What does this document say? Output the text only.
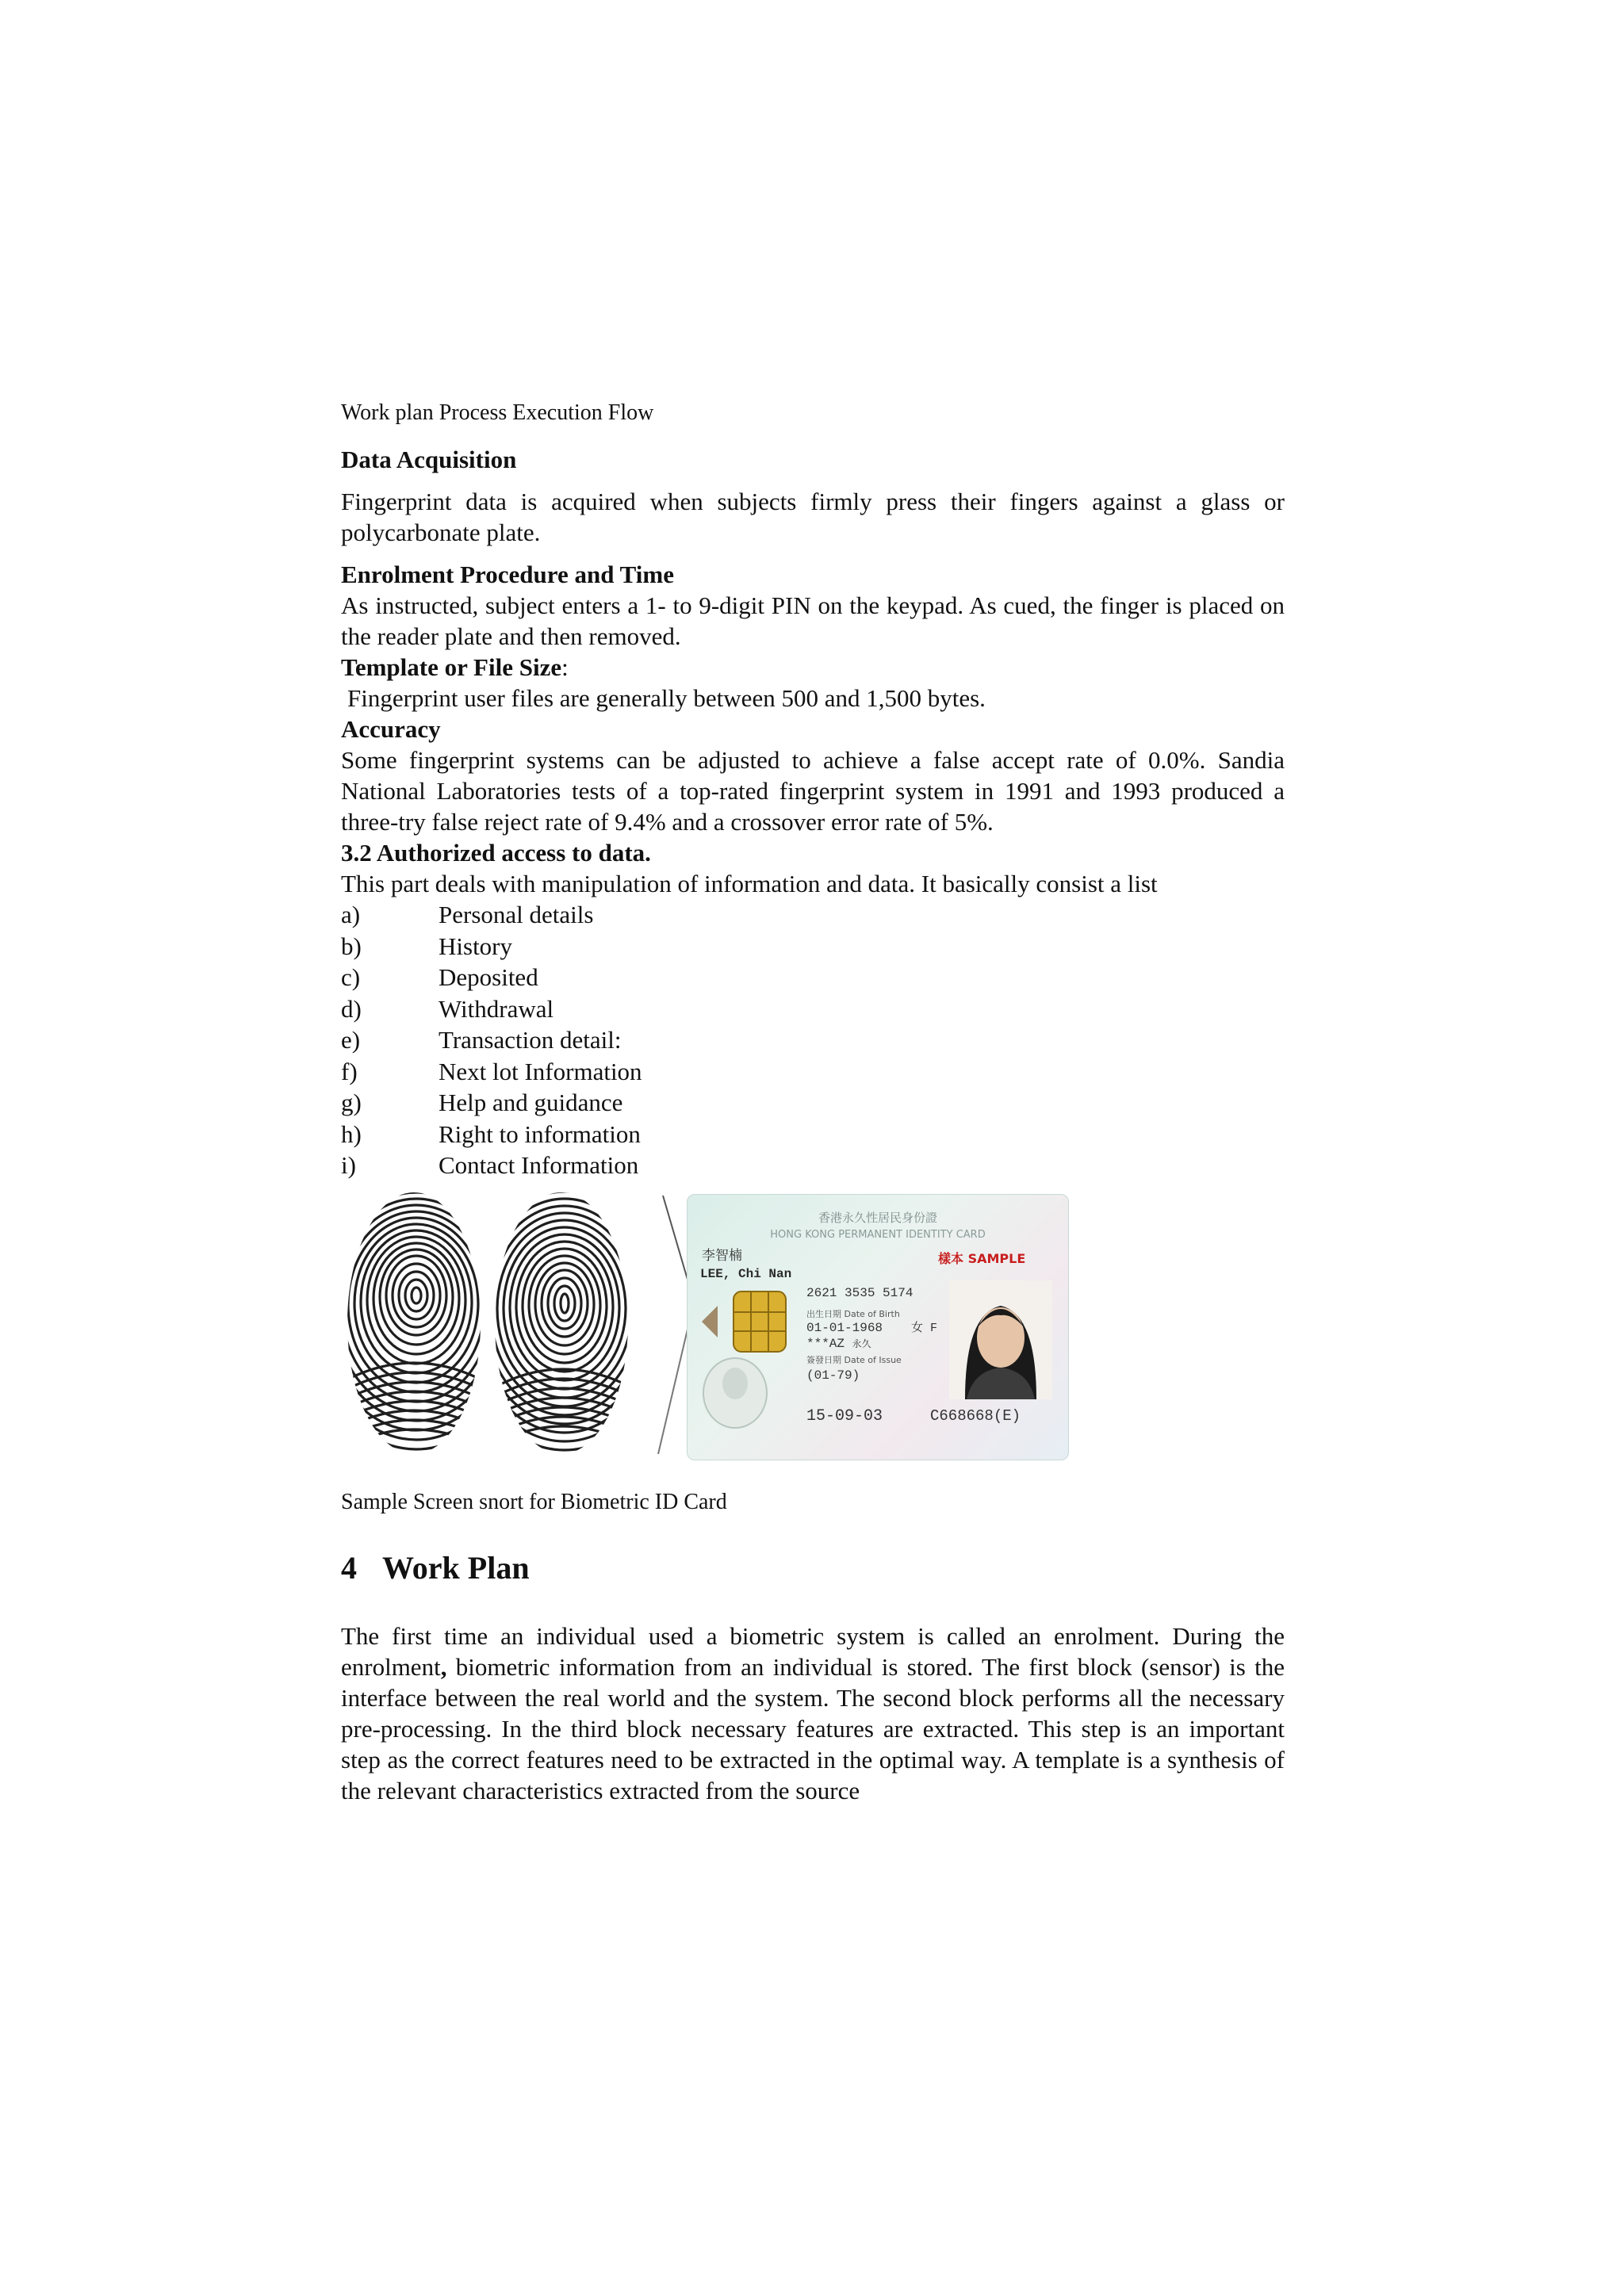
Work plan Process Execution Flow
Data Acquisition
Fingerprint data is acquired when subjects firmly press their fingers against a glass or polycarbonate plate.
Enrolment Procedure and Time
As instructed, subject enters a 1- to 9-digit PIN on the keypad. As cued, the finger is placed on the reader plate and then removed.
Template or File Size:
Fingerprint user files are generally between 500 and 1,500 bytes.
Accuracy
Some fingerprint systems can be adjusted to achieve a false accept rate of 0.0%. Sandia National Laboratories tests of a top-rated fingerprint system in 1991 and 1993 produced a three-try false reject rate of 9.4% and a crossover error rate of 5%.
3.2 Authorized access to data.
This part deals with manipulation of information and data. It basically consist a list
a)	Personal details
b)	History
c)	Deposited
d)	Withdrawal
e)	Transaction detail:
f)	Next lot Information
g)	Help and guidance
h)	Right to information
i)	Contact Information
香港永久性居民身份證
HONG KONG PERMANENT IDENTITY CARD
李智楠
LEE, Chi Nan
樣本 SAMPLE
2621 3535 5174
出生日期 Date of Birth
01-01-1968 女 F
***AZ 永久
簽發日期 Date of Issue
(01-79)
15-09-03	C668668(E)
Sample Screen snort for Biometric ID Card
4 Work Plan
The first time an individual used a biometric system is called an enrolment. During the enrolment, biometric information from an individual is stored. The first block (sensor) is the interface between the real world and the system. The second block performs all the necessary pre-processing. In the third block necessary features are extracted. This step is an important step as the correct features need to be extracted in the optimal way. A template is a synthesis of the relevant characteristics extracted from the source
